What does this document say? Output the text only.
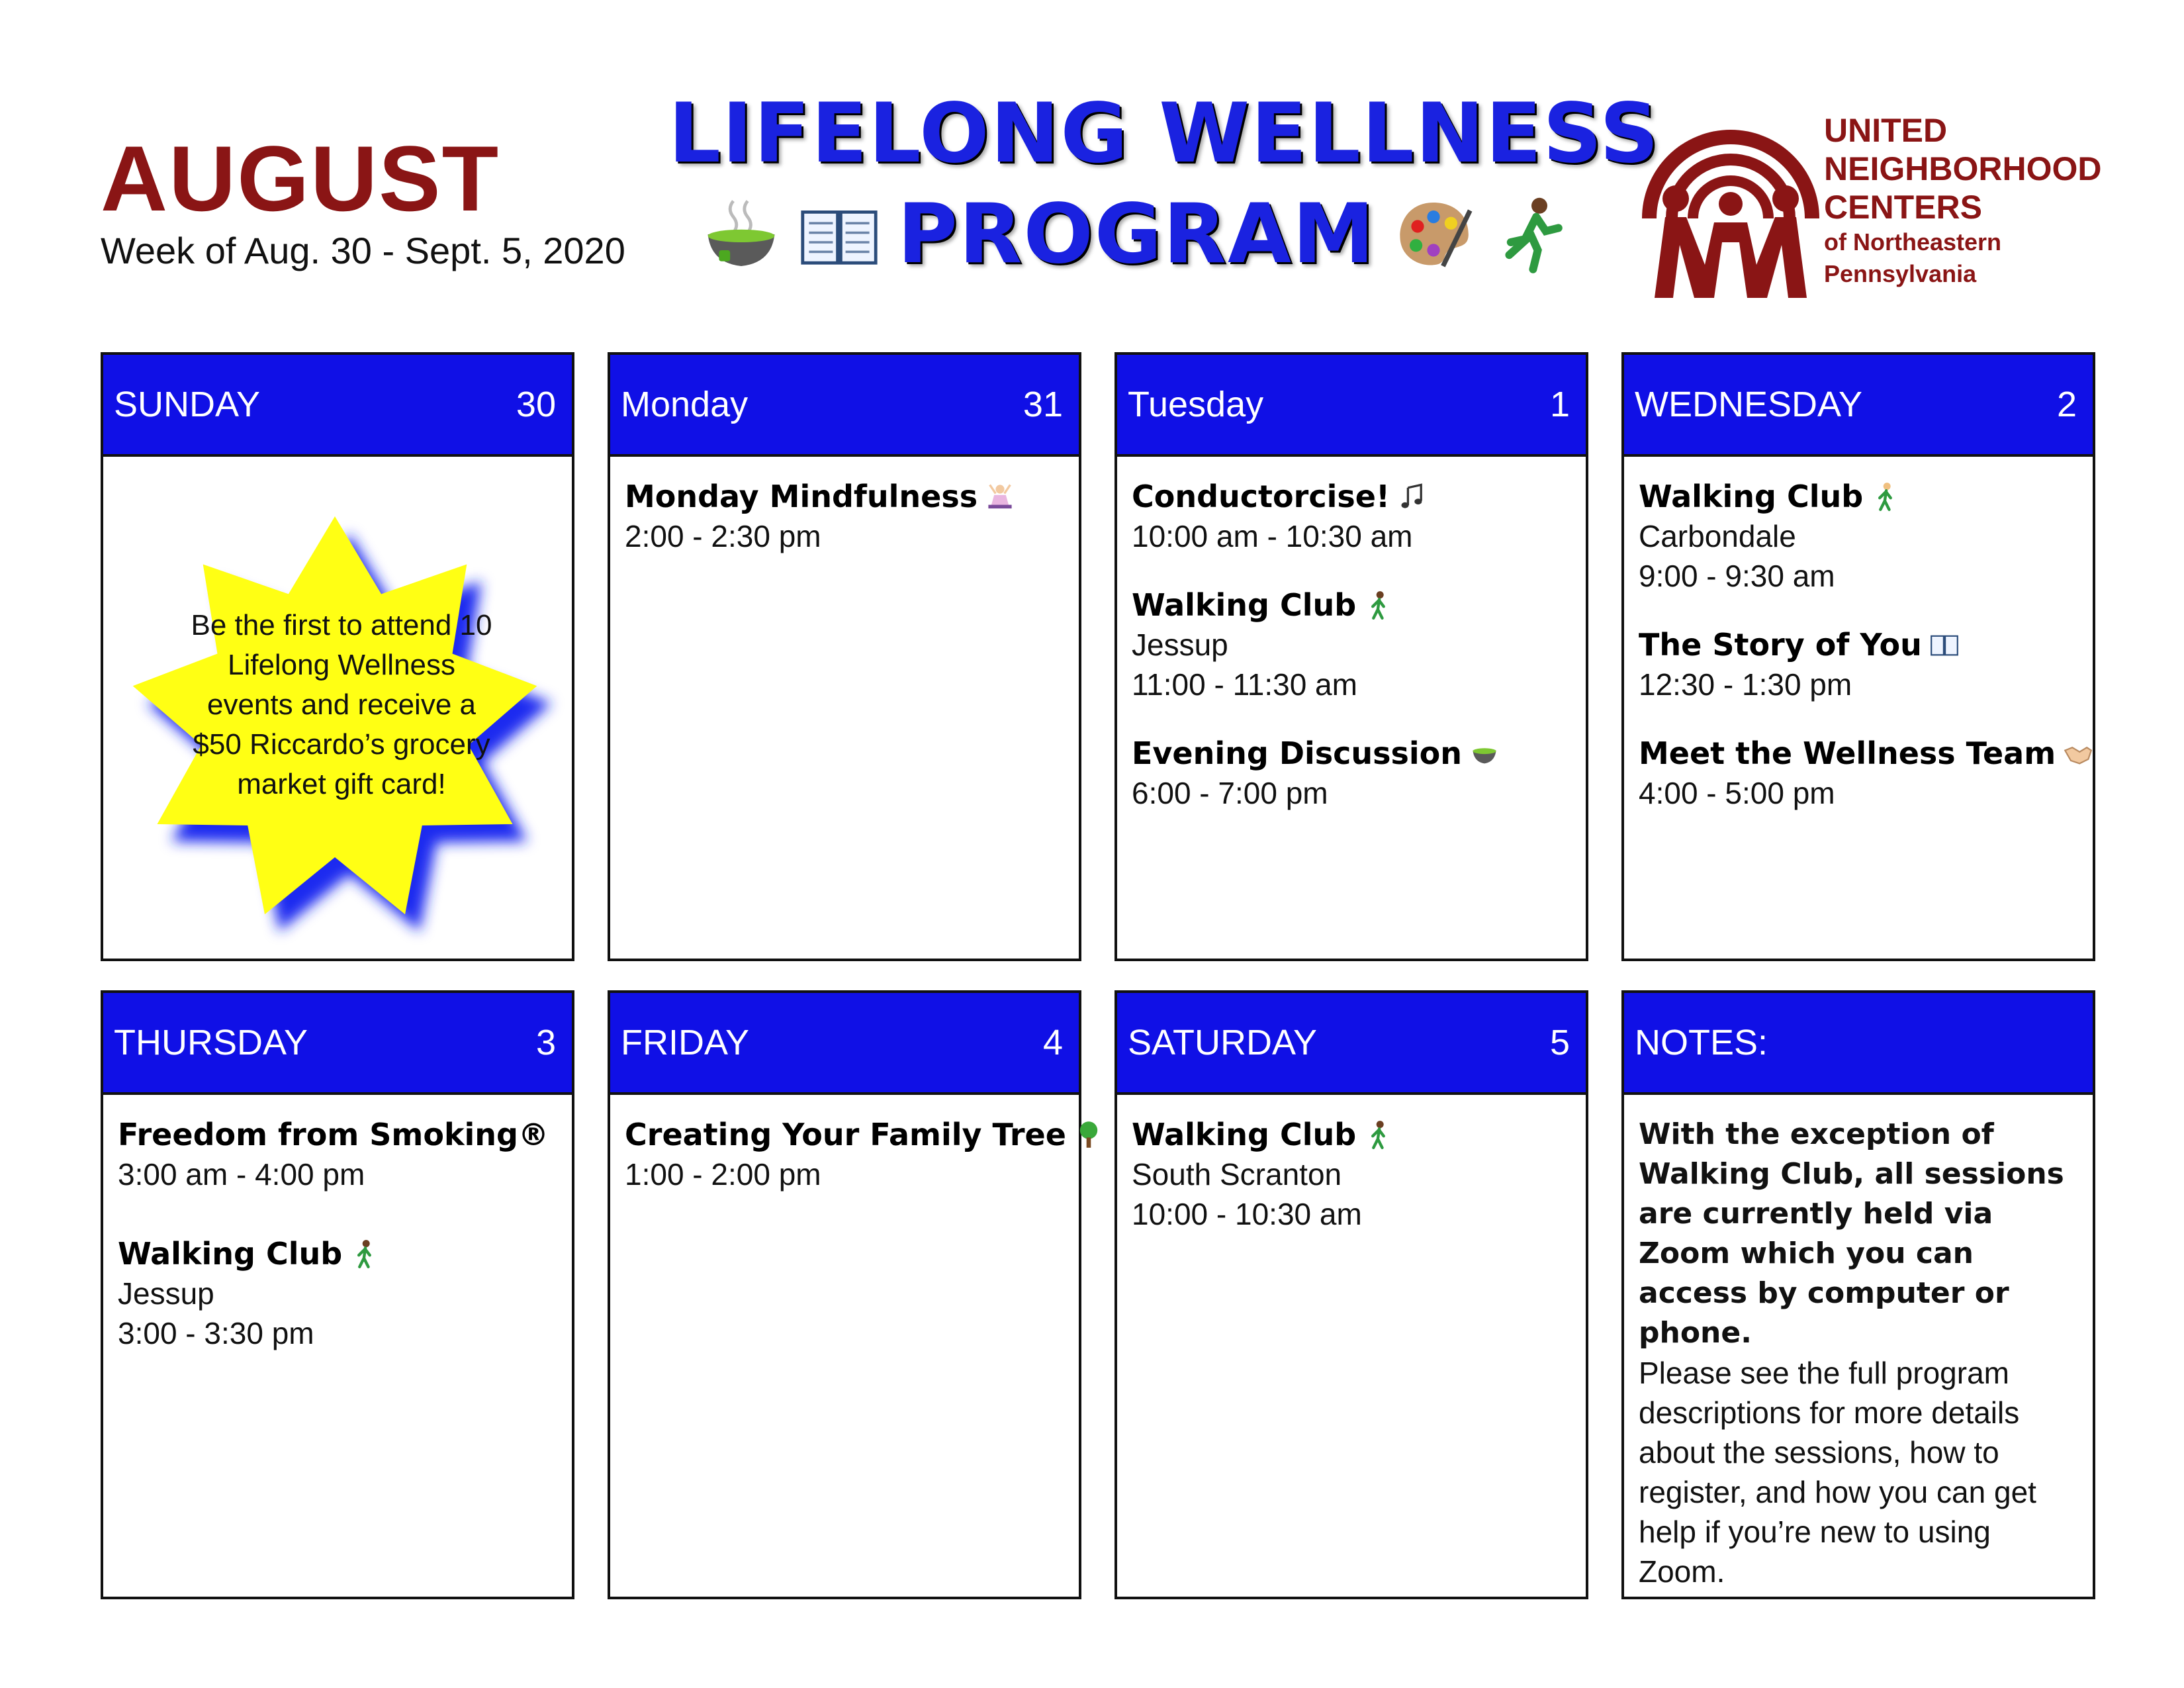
AUGUST
Week of Aug. 30 - Sept. 5, 2020
LIFELONG WELLNESS
PROGRAM
UNITED
NEIGHBORHOOD
CENTERS
of Northeastern
Pennsylvania
SUNDAY	30
Be the first to attend 10 Lifelong Wellness events and receive a $50 Riccardo’s grocery market gift card!
Monday	31
Monday Mindfulness
2:00 - 2:30 pm
Tuesday	1
Conductorcise!
10:00 am - 10:30 am
Walking Club
Jessup
11:00 - 11:30 am
Evening Discussion
6:00 - 7:00 pm
WEDNESDAY	2
Walking Club
Carbondale
9:00 - 9:30 am
The Story of You
12:30 - 1:30 pm
Meet the Wellness Team
4:00 - 5:00 pm
THURSDAY	3
Freedom from Smoking®
3:00 am - 4:00 pm
Walking Club
Jessup
3:00 - 3:30 pm
FRIDAY	4
Creating Your Family Tree
1:00 - 2:00 pm
SATURDAY	5
Walking Club
South Scranton
10:00 - 10:30 am
NOTES:
With the exception of Walking Club, all sessions are currently held via Zoom which you can access by computer or phone.
Please see the full program descriptions for more details about the sessions, how to register, and how you can get help if you’re new to using Zoom.
